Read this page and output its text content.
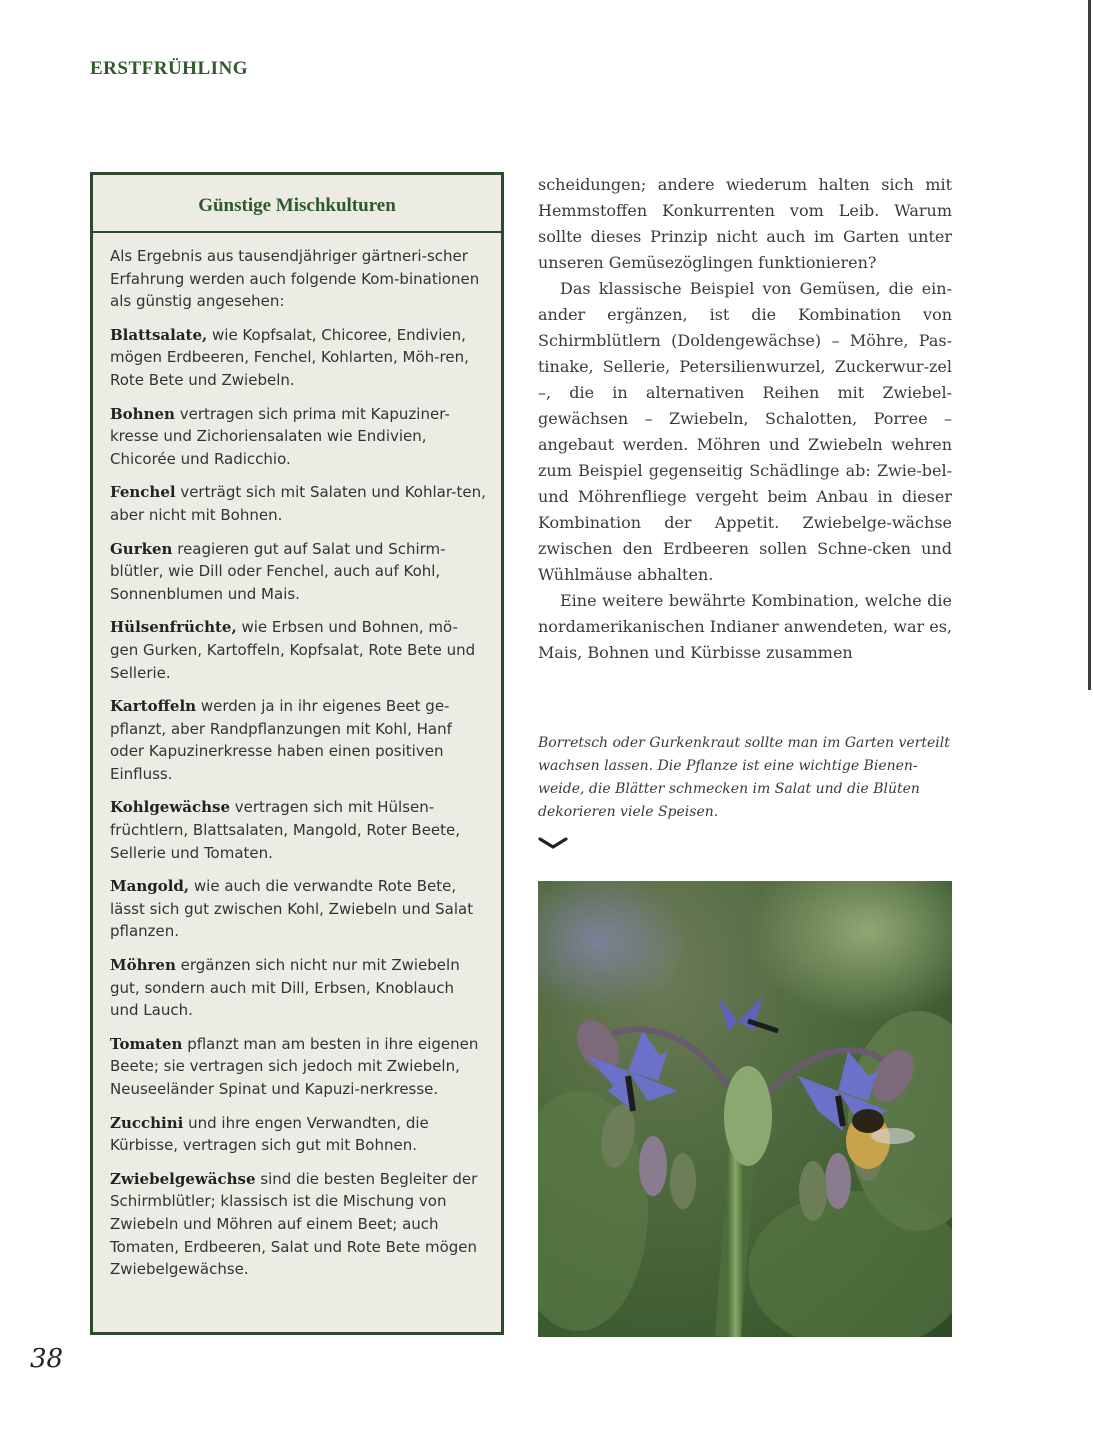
ERSTFRÜHLING
Günstige Mischkulturen

Als Ergebnis aus tausendjähriger gärtneri-scher Erfahrung werden auch folgende Kom-binationen als günstig angesehen:

Blattsalate, wie Kopfsalat, Chicoree, Endivien, mögen Erdbeeren, Fenchel, Kohlarten, Möh-ren, Rote Bete und Zwiebeln.

Bohnen vertragen sich prima mit Kapuziner-kresse und Zichoriensalaten wie Endivien, Chicorée und Radicchio.

Fenchel verträgt sich mit Salaten und Kohlar-ten, aber nicht mit Bohnen.

Gurken reagieren gut auf Salat und Schirm-blütler, wie Dill oder Fenchel, auch auf Kohl, Sonnenblumen und Mais.

Hülsenfrüchte, wie Erbsen und Bohnen, mö-gen Gurken, Kartoffeln, Kopfsalat, Rote Bete und Sellerie.

Kartoffeln werden ja in ihr eigenes Beet ge-pflanzt, aber Randpflanzungen mit Kohl, Hanf oder Kapuzinerkresse haben einen positiven Einfluss.

Kohlgewächse vertragen sich mit Hülsen-früchtlern, Blattsalaten, Mangold, Roter Beete, Sellerie und Tomaten.

Mangold, wie auch die verwandte Rote Bete, lässt sich gut zwischen Kohl, Zwiebeln und Salat pflanzen.

Möhren ergänzen sich nicht nur mit Zwiebeln gut, sondern auch mit Dill, Erbsen, Knoblauch und Lauch.

Tomaten pflanzt man am besten in ihre eigenen Beete; sie vertragen sich jedoch mit Zwiebeln, Neuseeländer Spinat und Kapuzi-nerkresse.

Zucchini und ihre engen Verwandten, die Kürbisse, vertragen sich gut mit Bohnen.

Zwiebelgewächse sind die besten Begleiter der Schirmblütler; klassisch ist die Mischung von Zwiebeln und Möhren auf einem Beet; auch Tomaten, Erdbeeren, Salat und Rote Bete mögen Zwiebelgewächse.

scheidungen; andere wiederum halten sich mit Hemmstoffen Konkurrenten vom Leib. Warum sollte dieses Prinzip nicht auch im Garten unter unseren Gemüsezöglingen funktionieren?

Das klassische Beispiel von Gemüsen, die ein-ander ergänzen, ist die Kombination von Schirmblütlern (Doldengewächse) – Möhre, Pas-tinake, Sellerie, Petersilienwurzel, Zuckerwur-zel –, die in alternativen Reihen mit Zwiebel-gewächsen – Zwiebeln, Schalotten, Porree – angebaut werden. Möhren und Zwiebeln wehren zum Beispiel gegenseitig Schädlinge ab: Zwie-bel- und Möhrenfliege vergeht beim Anbau in dieser Kombination der Appetit. Zwiebelge-wächse zwischen den Erdbeeren sollen Schne-cken und Wühlmäuse abhalten.

Eine weitere bewährte Kombination, welche die nordamerikanischen Indianer anwendeten, war es, Mais, Bohnen und Kürbisse zusammen

Borretsch oder Gurkenkraut sollte man im Garten verteilt wachsen lassen. Die Pflanze ist eine wichtige Bienen-weide, die Blätter schmecken im Salat und die Blüten dekorieren viele Speisen.
38
